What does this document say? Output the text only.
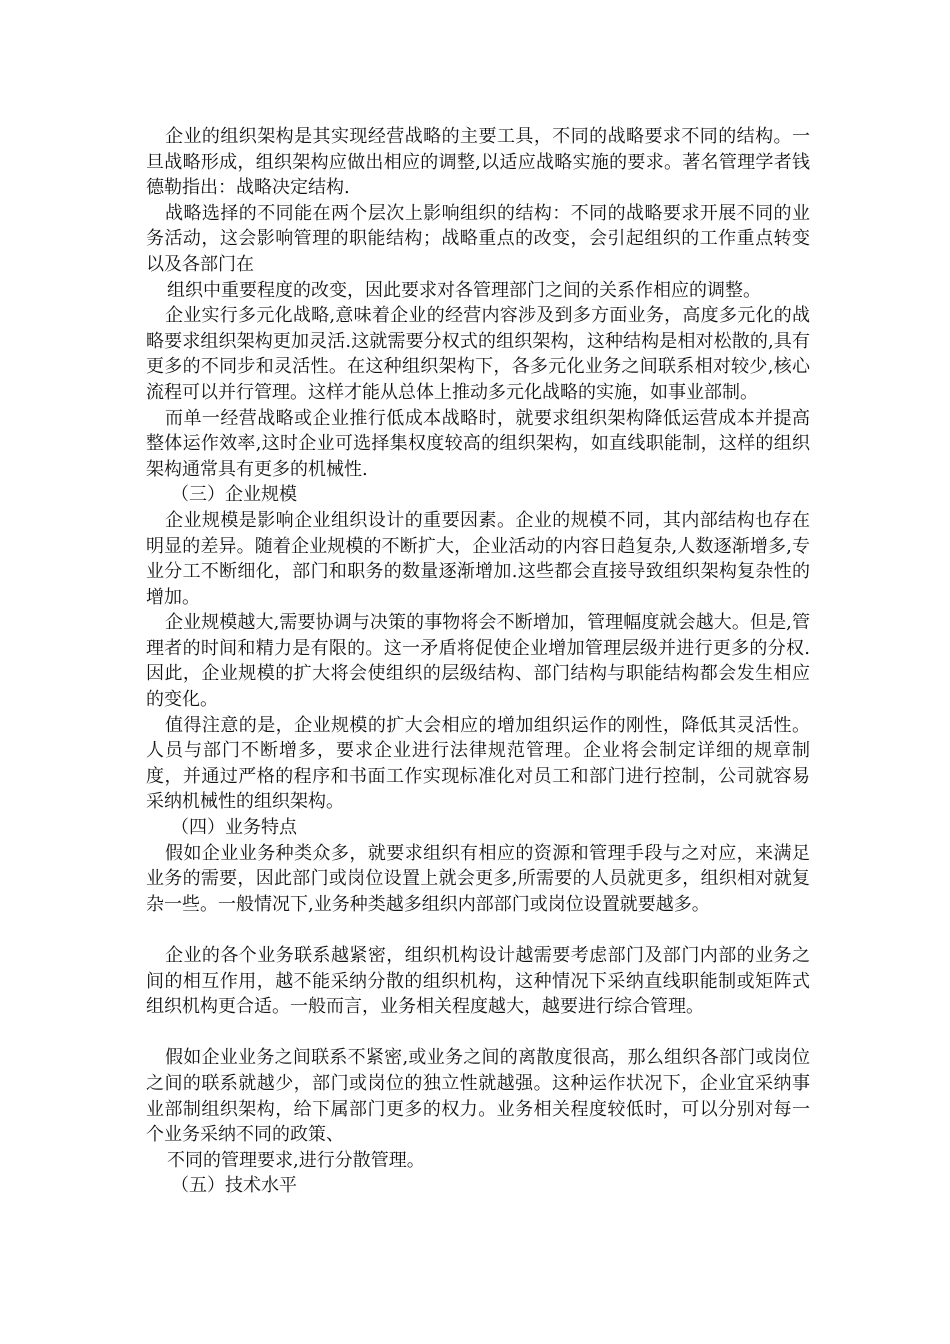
企业的组织架构是其实现经营战略的主要工具，不同的战略要求不同的结构。一旦战略形成，组织架构应做出相应的调整,以适应战略实施的要求。著名管理学者钱德勒指出：战略决定结构.

战略选择的不同能在两个层次上影响组织的结构：不同的战略要求开展不同的业务活动，这会影响管理的职能结构；战略重点的改变，会引起组织的工作重点转变以及各部门在

组织中重要程度的改变，因此要求对各管理部门之间的关系作相应的调整。

企业实行多元化战略,意味着企业的经营内容涉及到多方面业务，高度多元化的战略要求组织架构更加灵活.这就需要分权式的组织架构，这种结构是相对松散的,具有更多的不同步和灵活性。在这种组织架构下，各多元化业务之间联系相对较少,核心流程可以并行管理。这样才能从总体上推动多元化战略的实施，如事业部制。

而单一经营战略或企业推行低成本战略时，就要求组织架构降低运营成本并提高整体运作效率,这时企业可选择集权度较高的组织架构，如直线职能制，这样的组织架构通常具有更多的机械性.

（三）企业规模

企业规模是影响企业组织设计的重要因素。企业的规模不同，其内部结构也存在明显的差异。随着企业规模的不断扩大，企业活动的内容日趋复杂,人数逐渐增多,专业分工不断细化，部门和职务的数量逐渐增加.这些都会直接导致组织架构复杂性的增加。

企业规模越大,需要协调与决策的事物将会不断增加，管理幅度就会越大。但是,管理者的时间和精力是有限的。这一矛盾将促使企业增加管理层级并进行更多的分权.因此，企业规模的扩大将会使组织的层级结构、部门结构与职能结构都会发生相应的变化。

值得注意的是，企业规模的扩大会相应的增加组织运作的刚性，降低其灵活性。人员与部门不断增多，要求企业进行法律规范管理。企业将会制定详细的规章制度，并通过严格的程序和书面工作实现标准化对员工和部门进行控制，公司就容易采纳机械性的组织架构。

（四）业务特点

假如企业业务种类众多，就要求组织有相应的资源和管理手段与之对应，来满足业务的需要，因此部门或岗位设置上就会更多,所需要的人员就更多，组织相对就复杂一些。一般情况下,业务种类越多组织内部部门或岗位设置就要越多。

企业的各个业务联系越紧密，组织机构设计越需要考虑部门及部门内部的业务之间的相互作用，越不能采纳分散的组织机构，这种情况下采纳直线职能制或矩阵式组织机构更合适。一般而言，业务相关程度越大，越要进行综合管理。

假如企业业务之间联系不紧密,或业务之间的离散度很高，那么组织各部门或岗位之间的联系就越少，部门或岗位的独立性就越强。这种运作状况下，企业宜采纳事业部制组织架构，给下属部门更多的权力。业务相关程度较低时，可以分别对每一个业务采纳不同的政策、

不同的管理要求,进行分散管理。

（五）技术水平
